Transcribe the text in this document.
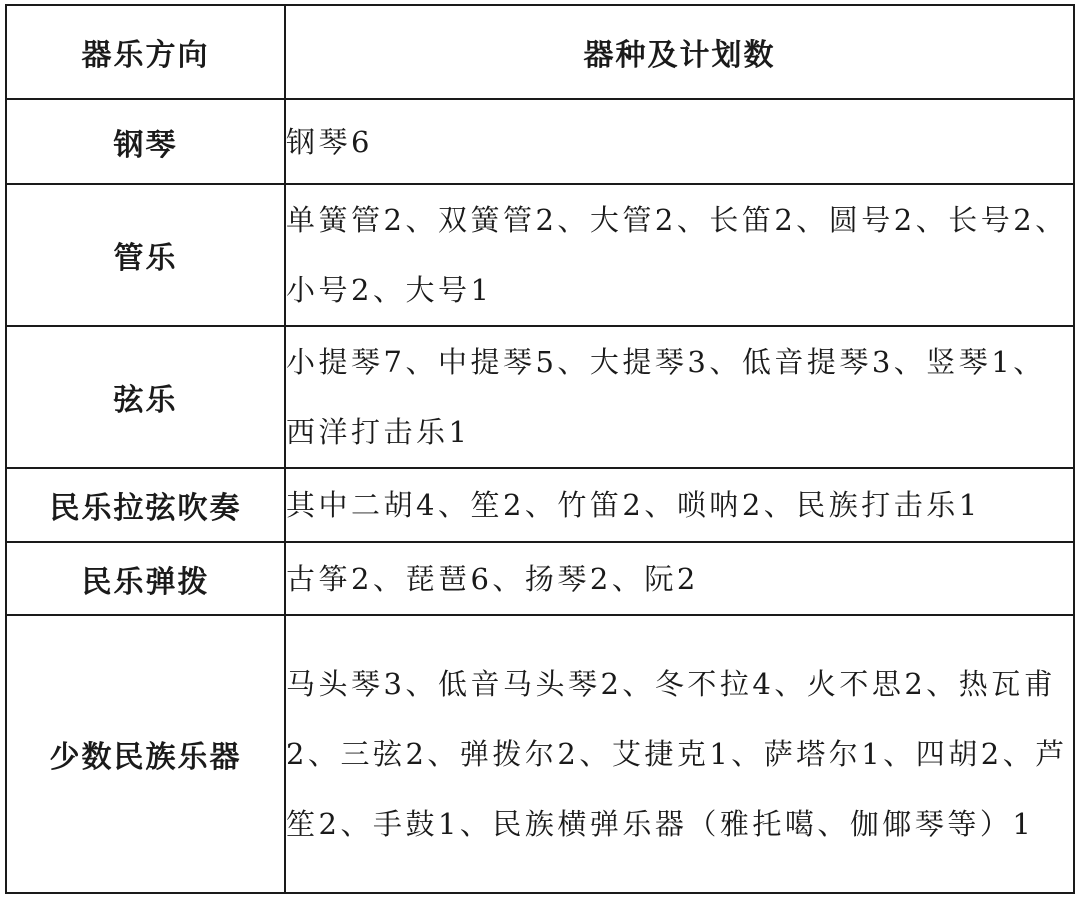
器乐方向	器种及计划数
钢琴	钢琴6
管乐	单簧管2、双簧管2、大管2、长笛2、圆号2、长号2、小号2、大号1
弦乐	小提琴7、中提琴5、大提琴3、低音提琴3、竖琴1、西洋打击乐1
民乐拉弦吹奏	其中二胡4、笙2、竹笛2、唢呐2、民族打击乐1
民乐弹拨	古筝2、琵琶6、扬琴2、阮2
少数民族乐器	马头琴3、低音马头琴2、冬不拉4、火不思2、热瓦甫2、三弦2、弹拨尔2、艾捷克1、萨塔尔1、四胡2、芦笙2、手鼓1、民族横弹乐器（雅托噶、伽倻琴等）1
